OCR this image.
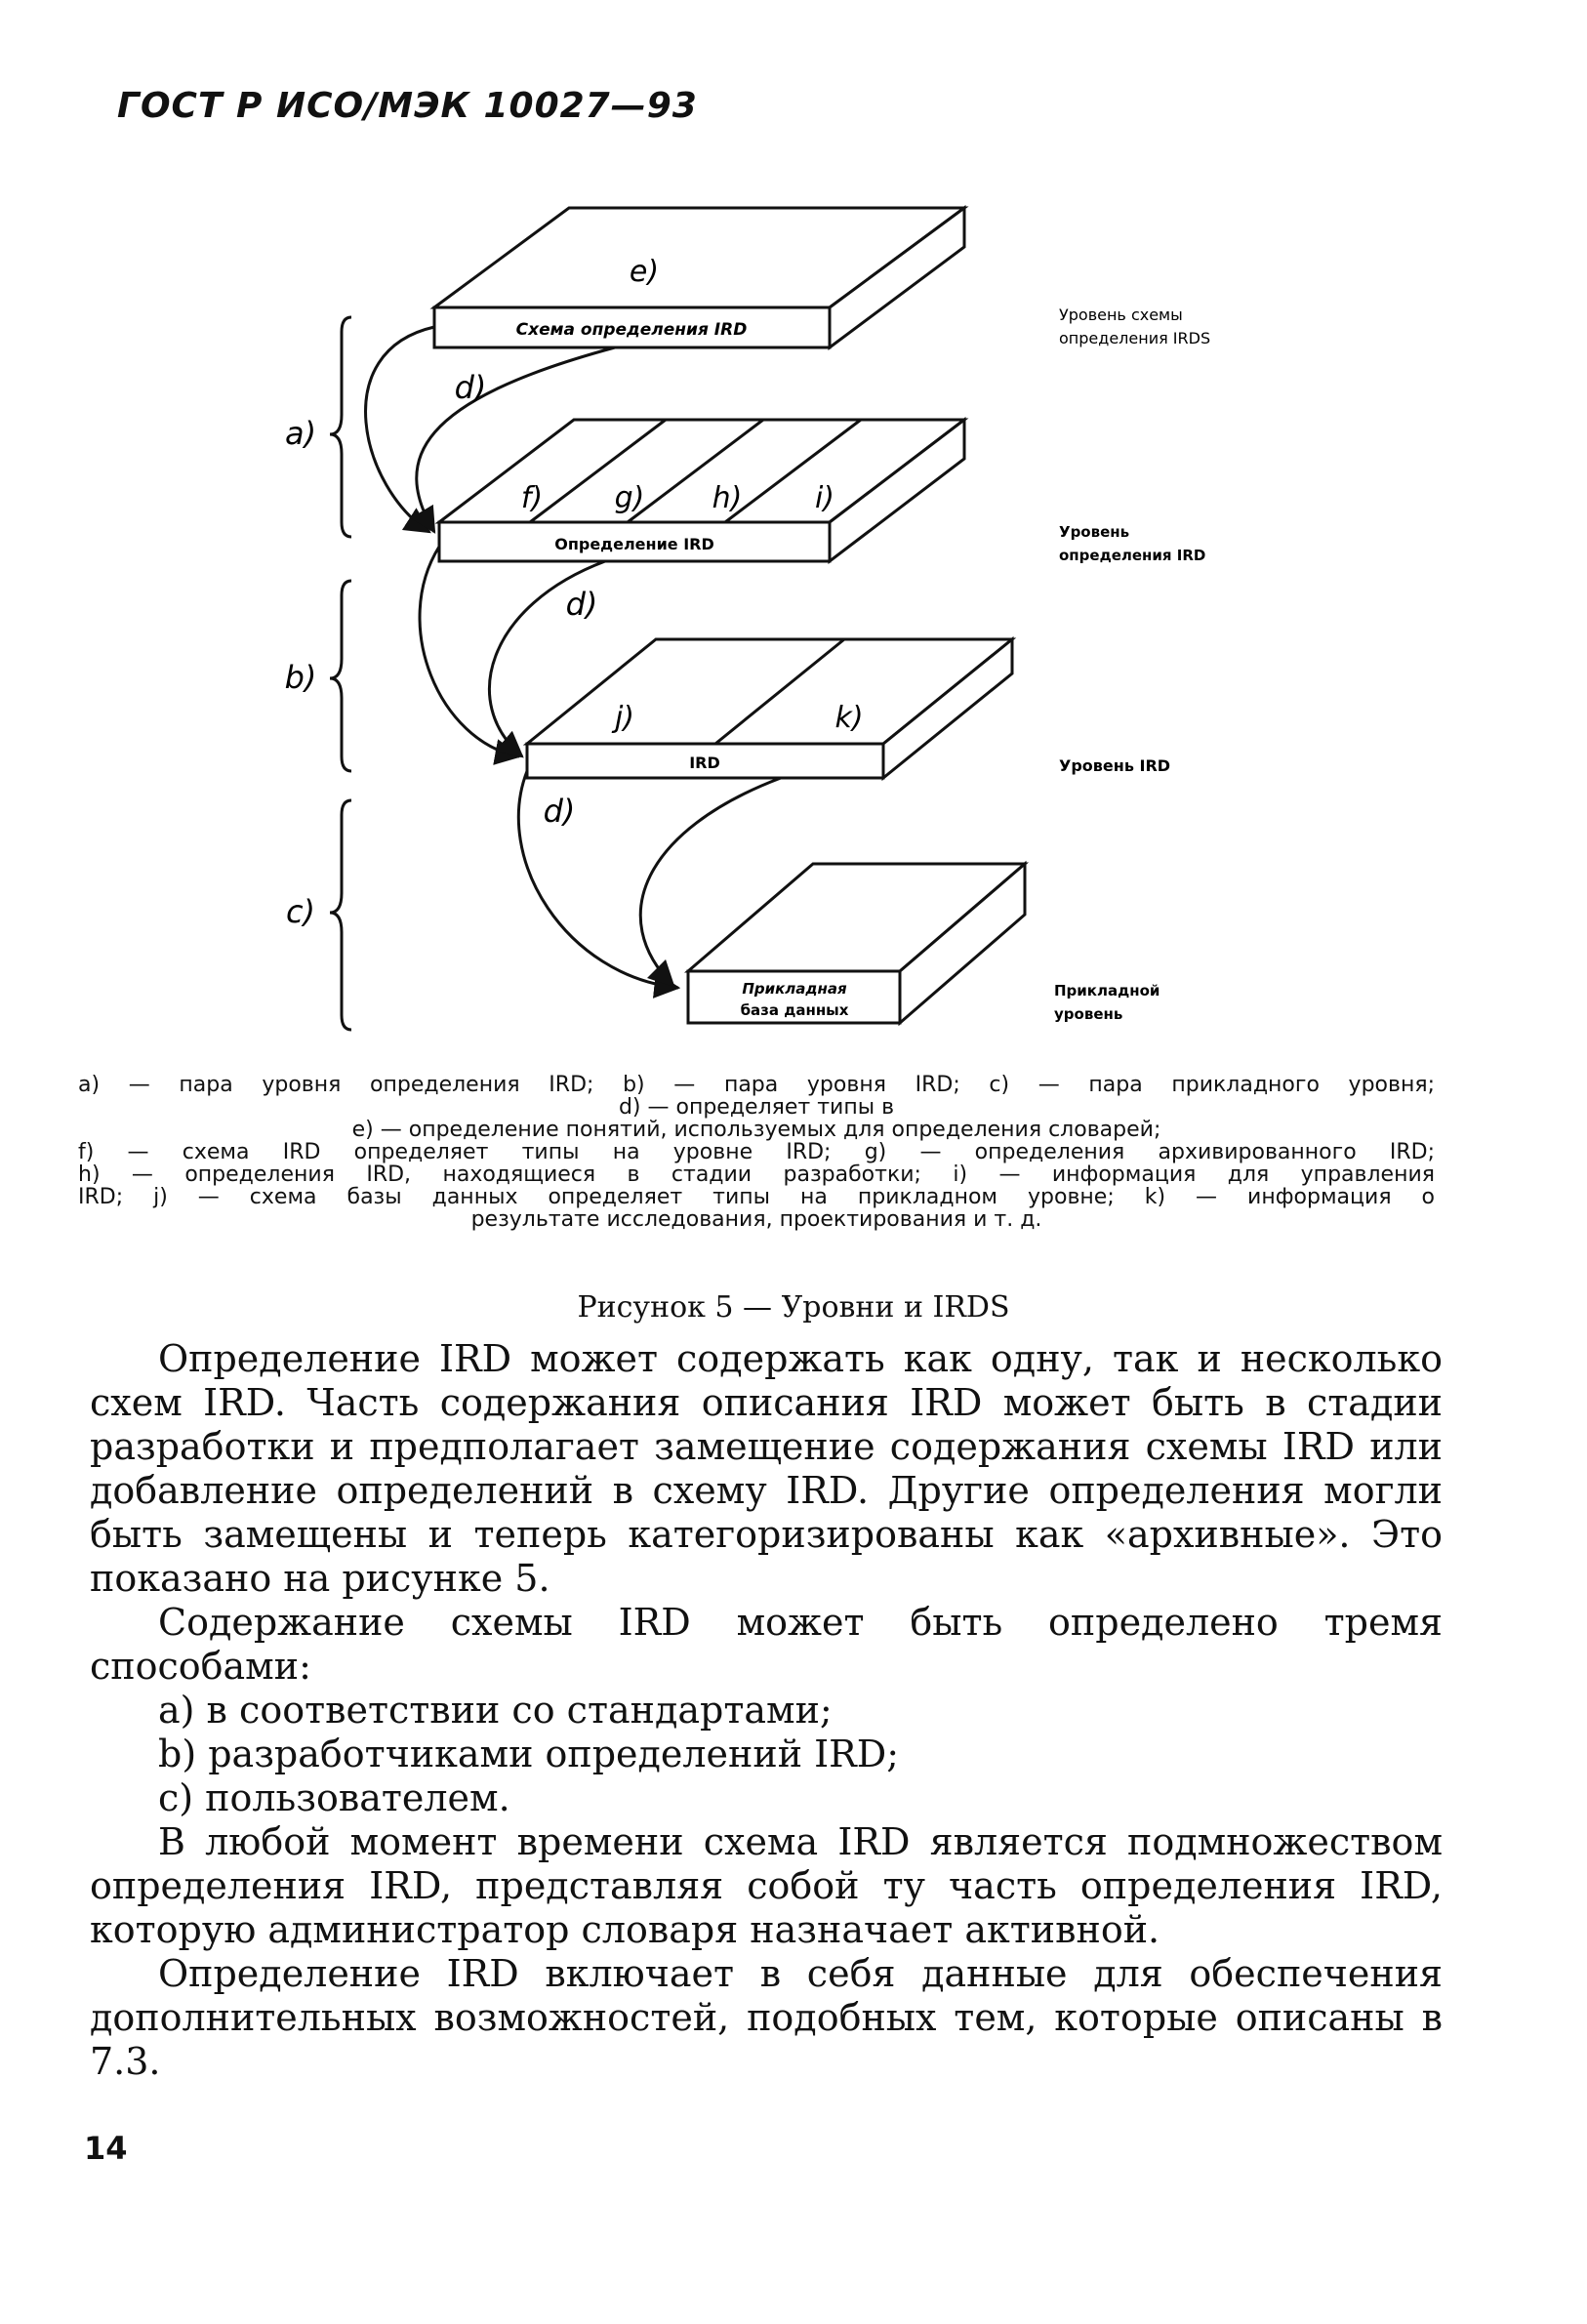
ГОСТ Р ИСО/МЭК 10027—93
Схема определения IRD
e)
Определение IRD
f) g) h) i)
IRD
j)	k)
Прикладная
база данных
d)
d)
d)
a)
b)
c)
Уровень схемы
определения IRDS
Уровень
определения IRD
Уровень IRD
Прикладной
уровень

a) — пара уровня определения IRD; b) — пара уровня IRD; c) — пара прикладного уровня;

d) — определяет типы в

e) — определение понятий, используемых для определения словарей;

f) — схема IRD определяет типы на уровне IRD; g) — определения архивированного IRD;

h) — определения IRD, находящиеся в стадии разработки; i) — информация для управления

IRD; j) — схема базы данных определяет типы на прикладном уровне; k) — информация о

результате исследования, проектирования и т. д.

Рисунок 5 — Уровни и IRDS

Определение IRD может содержать как одну, так и несколько схем IRD. Часть содержания описания IRD может быть в стадии разработки и предполагает замещение содержания схемы IRD или добавление определений в схему IRD. Другие определения могли быть замещены и теперь категоризированы как «архивные». Это показано на рисунке 5.

Содержание схемы IRD может быть определено тремя способами:

a) в соответствии со стандартами;

b) разработчиками определений IRD;

c) пользователем.

В любой момент времени схема IRD является подмножеством определения IRD, представляя собой ту часть определения IRD, которую администратор словаря назначает активной.

Определение IRD включает в себя данные для обеспечения дополнительных возможностей, подобных тем, которые описаны в 7.3.

14
